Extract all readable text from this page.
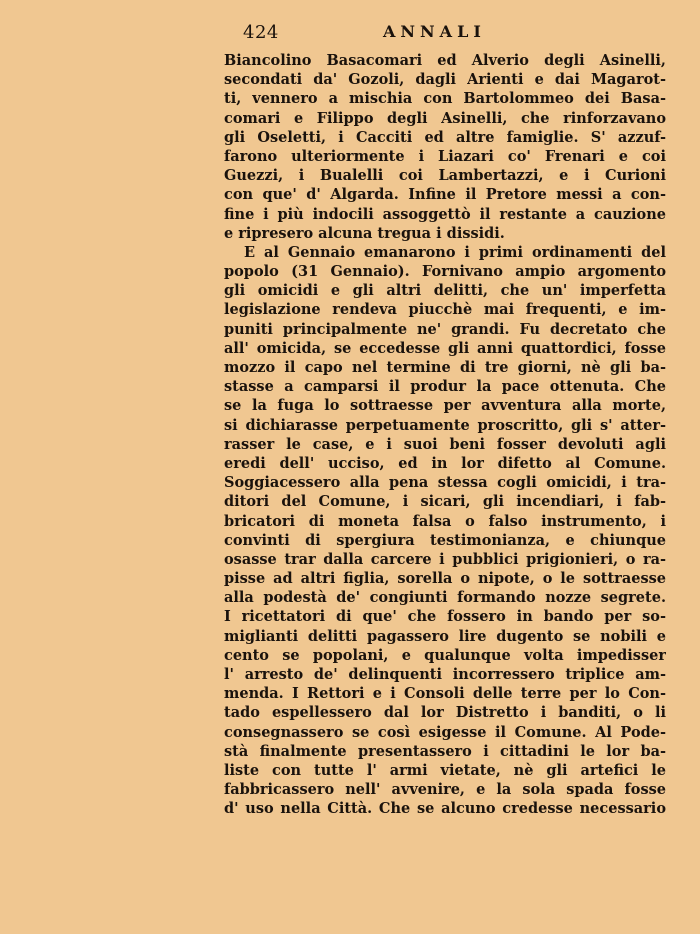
424	ANNALI
Biancolino Basacomari ed Alverio degli Asinelli,
secondati da' Gozoli, dagli Arienti e dai Magarot-
ti, vennero a mischia con Bartolommeo dei Basa-
comari e Filippo degli Asinelli, che rinforzavano
gli Oseletti, i Cacciti ed altre famiglie. S' azzuf-
farono ulteriormente i Liazari co' Frenari e coi
Guezzi, i Bualelli coi Lambertazzi, e i Curioni
con que' d' Algarda. Infine il Pretore messi a con-
fine i più indocili assoggettò il restante a cauzione
e ripresero alcuna tregua i dissidi.
E al Gennaio emanarono i primi ordinamenti del
popolo (31 Gennaio). Fornivano ampio argomento
gli omicidi e gli altri delitti, che un' imperfetta
legislazione rendeva piucchè mai frequenti, e im-
puniti principalmente ne' grandi. Fu decretato che
all' omicida, se eccedesse gli anni quattordici, fosse
mozzo il capo nel termine di tre giorni, nè gli ba-
stasse a camparsi il produr la pace ottenuta. Che
se la fuga lo sottraesse per avventura alla morte,
si dichiarasse perpetuamente proscritto, gli s' atter-
rasser le case, e i suoi beni fosser devoluti agli
eredi dell' ucciso, ed in lor difetto al Comune.
Soggiacessero alla pena stessa cogli omicidi, i tra-
ditori del Comune, i sicari, gli incendiari, i fab-
bricatori di moneta falsa o falso instrumento, i
convinti di spergiura testimonianza, e chiunque
osasse trar dalla carcere i pubblici prigionieri, o ra-
pisse ad altri figlia, sorella o nipote, o le sottraesse
alla podestà de' congiunti formando nozze segrete.
I ricettatori di que' che fossero in bando per so-
miglianti delitti pagassero lire dugento se nobili e
cento se popolani, e qualunque volta impedisser
l' arresto de' delinquenti incorressero triplice am-
menda. I Rettori e i Consoli delle terre per lo Con-
tado espellessero dal lor Distretto i banditi, o li
consegnassero se così esigesse il Comune. Al Pode-
stà finalmente presentassero i cittadini le lor ba-
liste con tutte l' armi vietate, nè gli artefici le
fabbricassero nell' avvenire, e la sola spada fosse
d' uso nella Città. Che se alcuno credesse necessario
